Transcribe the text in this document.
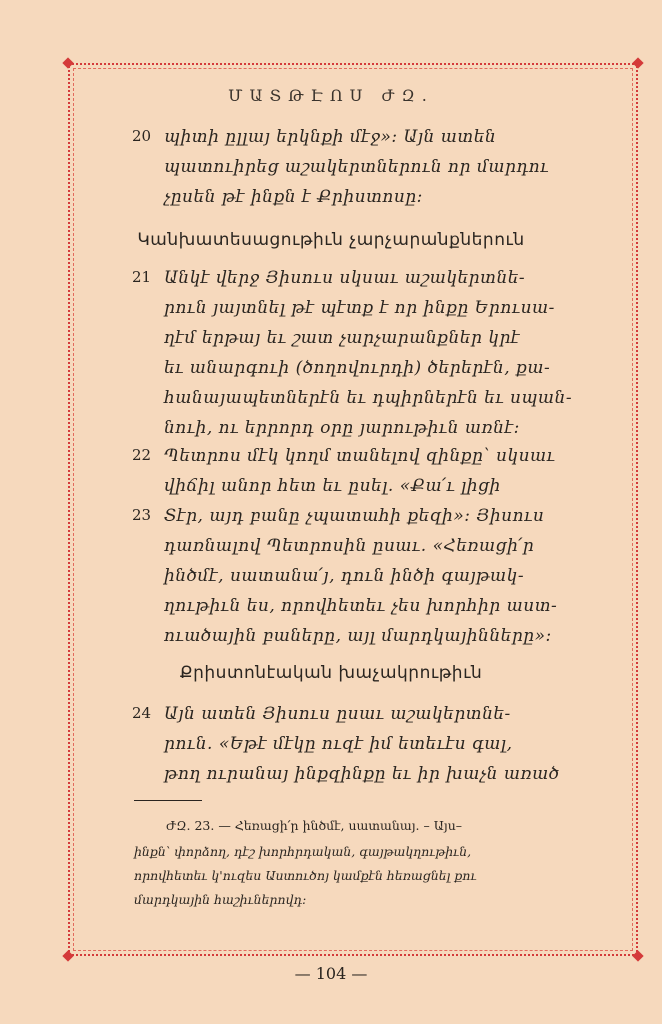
ՄԱՏԹԷՈՍ ԺԶ.
20 պիտի ըլլայ երկնքի մէջ»: Այն ատեն
պատուիրեց աշակերտներուն որ մարդու
չըսեն թէ ինքն է Քրիստոսը:
Կանխատեսացութիւն չարչարանքներուն
21 Անկէ վերջ Յիսուս սկսաւ աշակերտնե-
րուն յայտնել թէ պէտք է որ ինքը Երուսա-
ղէմ երթայ եւ շատ չարչարանքներ կրէ
եւ անարգուի (ծողովուրդի) ծերերէն, քա-
հանայապետներէն եւ դպիրներէն եւ սպան-
նուի, ու երրորդ օրը յարութիւն առնէ:
22 Պետրոս մէկ կողմ տանելով զինքը՝ սկսաւ
վիճիլ անոր հետ եւ ըսել. «Քա՛ւ լիցի
23 Տէր, այդ բանը չպատահի քեզի»: Յիսուս
դառնալով Պետրոսին ըսաւ. «Հեռացի՛ր
ինծմէ, սատանա՛յ, դուն ինծի գայթակ-
ղութիւն ես, որովհետեւ չես խորհիր աստ-
ուածային բաները, այլ մարդկայինները»:
Քրիստոնէական խաչակրութիւն
24 Այն ատեն Յիսուս ըսաւ աշակերտնե-
րուն. «Եթէ մէկը ուզէ իմ ետեւէս գալ,
թող ուրանայ ինքզինքը եւ իր խաչն առած
ԺԶ. 23. — Հեռացի՛ր ինծմէ, սատանայ. – Այս–
ինքն՝ փորձող, դէշ խորհրդական, գայթակղութիւն,
որովհետեւ կ'ուզես Աստուծոյ կամքէն հեռացնել քու
մարդկային հաշիւներովդ:
— 104 —
